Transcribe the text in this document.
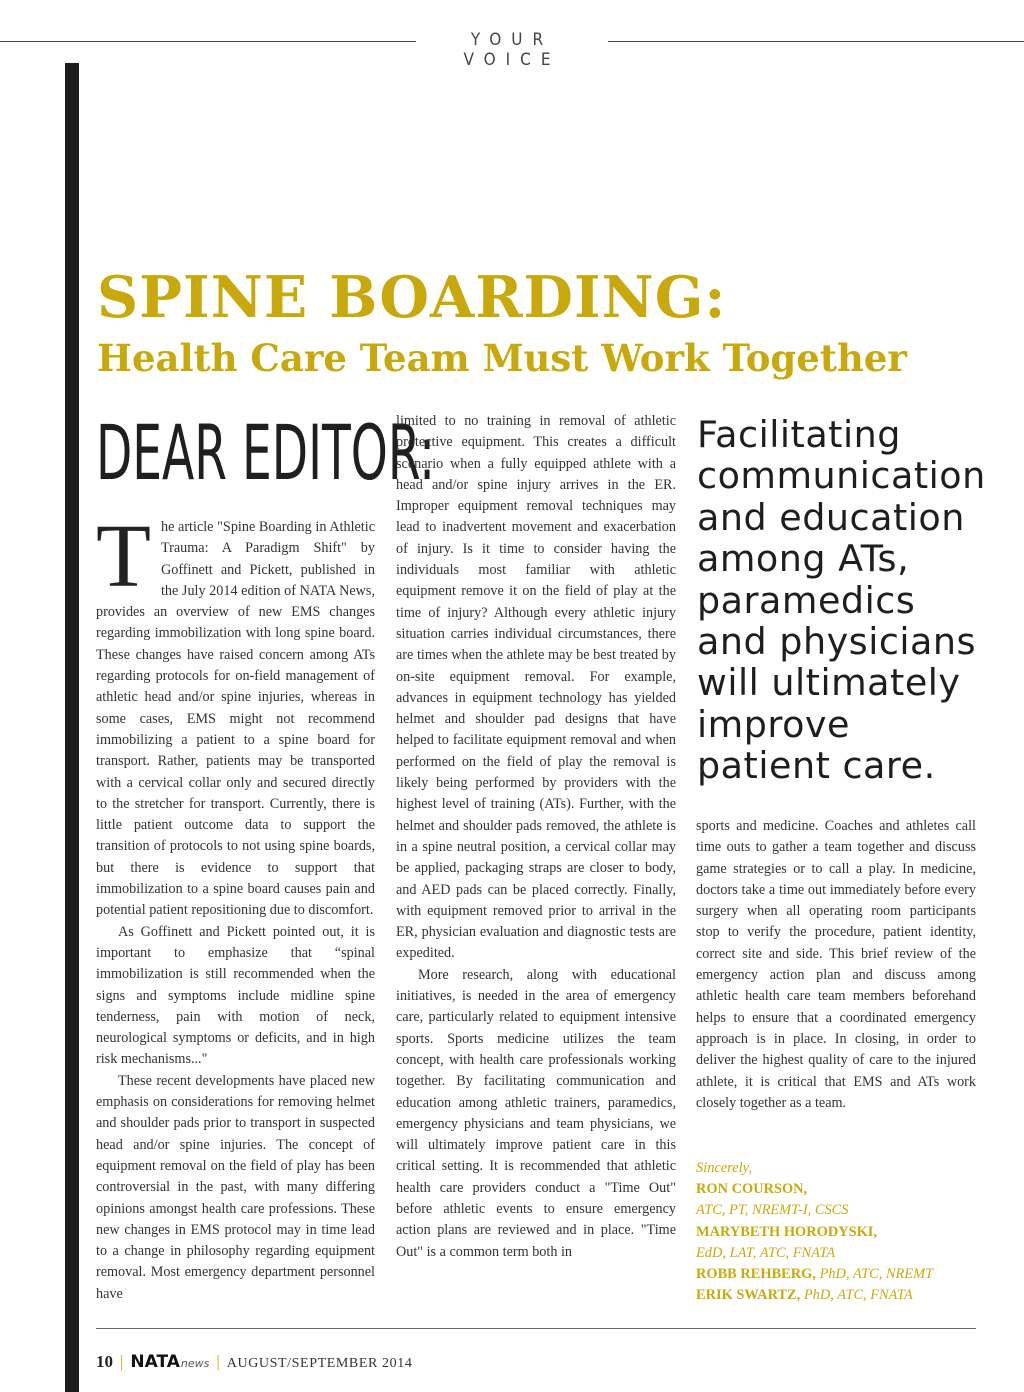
YOUR VOICE
SPINE BOARDING:
Health Care Team Must Work Together
DEAR EDITOR:

The article "Spine Boarding in Athletic Trauma: A Paradigm Shift" by Goffinett and Pickett, published in the July 2014 edition of NATA News, provides an overview of new EMS changes regarding immobilization with long spine board. These changes have raised concern among ATs regarding protocols for on-field management of athletic head and/or spine injuries, whereas in some cases, EMS might not recommend immobilizing a patient to a spine board for transport. Rather, patients may be transported with a cervical collar only and secured directly to the stretcher for transport. Currently, there is little patient outcome data to support the transition of protocols to not using spine boards, but there is evidence to support that immobilization to a spine board causes pain and potential patient repositioning due to discomfort.

As Goffinett and Pickett pointed out, it is important to emphasize that “spinal immobilization is still recommended when the signs and symptoms include midline spine tenderness, pain with motion of neck, neurological symptoms or deficits, and in high risk mechanisms..."

These recent developments have placed new emphasis on considerations for removing helmet and shoulder pads prior to transport in suspected head and/or spine injuries. The concept of equipment removal on the field of play has been controversial in the past, with many differing opinions amongst health care professions. These new changes in EMS protocol may in time lead to a change in philosophy regarding equipment removal. Most emergency department personnel have

limited to no training in removal of athletic protective equipment. This creates a difficult scenario when a fully equipped athlete with a head and/or spine injury arrives in the ER. Improper equipment removal techniques may lead to inadvertent movement and exacerbation of injury. Is it time to consider having the individuals most familiar with athletic equipment remove it on the field of play at the time of injury? Although every athletic injury situation carries individual circumstances, there are times when the athlete may be best treated by on-site equipment removal. For example, advances in equipment technology has yielded helmet and shoulder pad designs that have helped to facilitate equipment removal and when performed on the field of play the removal is likely being performed by providers with the highest level of training (ATs). Further, with the helmet and shoulder pads removed, the athlete is in a spine neutral position, a cervical collar may be applied, packaging straps are closer to body, and AED pads can be placed correctly. Finally, with equipment removed prior to arrival in the ER, physician evaluation and diagnostic tests are expedited.

More research, along with educational initiatives, is needed in the area of emergency care, particularly related to equipment intensive sports. Sports medicine utilizes the team concept, with health care professionals working together. By facilitating communication and education among athletic trainers, paramedics, emergency physicians and team physicians, we will ultimately improve patient care in this critical setting. It is recommended that athletic health care providers conduct a "Time Out" before athletic events to ensure emergency action plans are reviewed and in place. "Time Out" is a common term both in

Facilitating communication and education among ATs, paramedics and physicians will ultimately improve patient care.

sports and medicine. Coaches and athletes call time outs to gather a team together and discuss game strategies or to call a play. In medicine, doctors take a time out immediately before every surgery when all operating room participants stop to verify the procedure, patient identity, correct site and side. This brief review of the emergency action plan and discuss among athletic health care team members beforehand helps to ensure that a coordinated emergency approach is in place. In closing, in order to deliver the highest quality of care to the injured athlete, it is critical that EMS and ATs work closely together as a team.

Sincerely,
RON COURSON,
ATC, PT, NREMT-I, CSCS
MARYBETH HORODYSKI,
EdD, LAT, ATC, FNATA
ROBB REHBERG, PhD, ATC, NREMT
ERIK SWARTZ, PhD, ATC, FNATA
10 | NATA news | AUGUST/SEPTEMBER 2014
